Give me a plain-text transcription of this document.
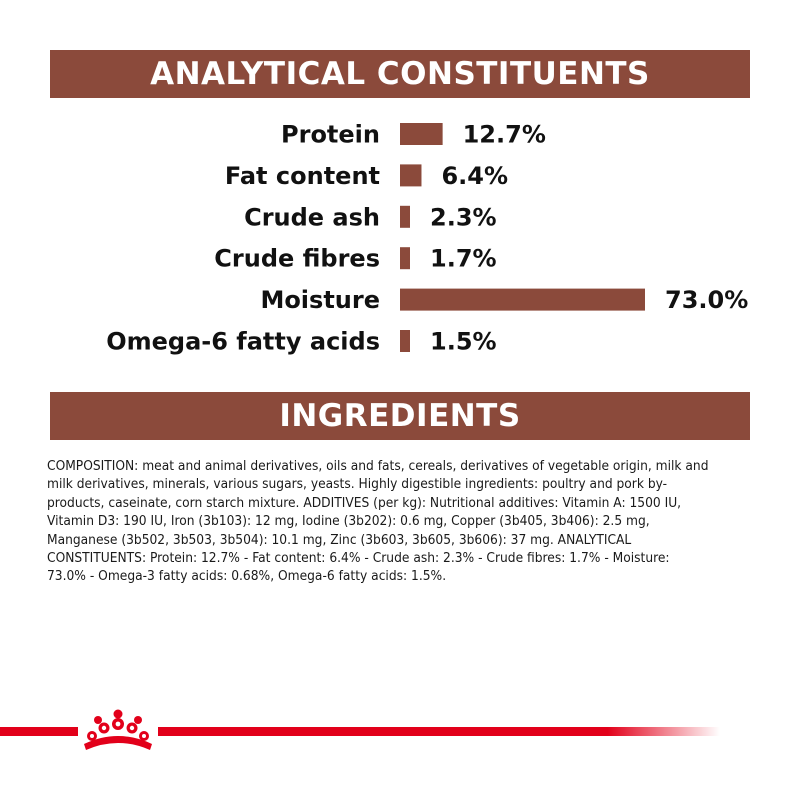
ANALYTICAL CONSTITUENTS
Protein	12.7%
Fat content	6.4%
Crude ash 2.3%
Crude fibres 1.7%
Moisture	73.0%
Omega-6 fatty acids 1.5%
INGREDIENTS
COMPOSITION: meat and animal derivatives, oils and fats, cereals, derivatives of vegetable origin, milk and milk derivatives, minerals, various sugars, yeasts. Highly digestible ingredients: poultry and pork by-products, caseinate, corn starch mixture. ADDITIVES (per kg): Nutritional additives: Vitamin A: 1500 IU, Vitamin D3: 190 IU, Iron (3b103): 12 mg, Iodine (3b202): 0.6 mg, Copper (3b405, 3b406): 2.5 mg, Manganese (3b502, 3b503, 3b504): 10.1 mg, Zinc (3b603, 3b605, 3b606): 37 mg. ANALYTICAL CONSTITUENTS: Protein: 12.7% - Fat content: 6.4% - Crude ash: 2.3% - Crude fibres: 1.7% - Moisture: 73.0% - Omega-3 fatty acids: 0.68%, Omega-6 fatty acids: 1.5%.
